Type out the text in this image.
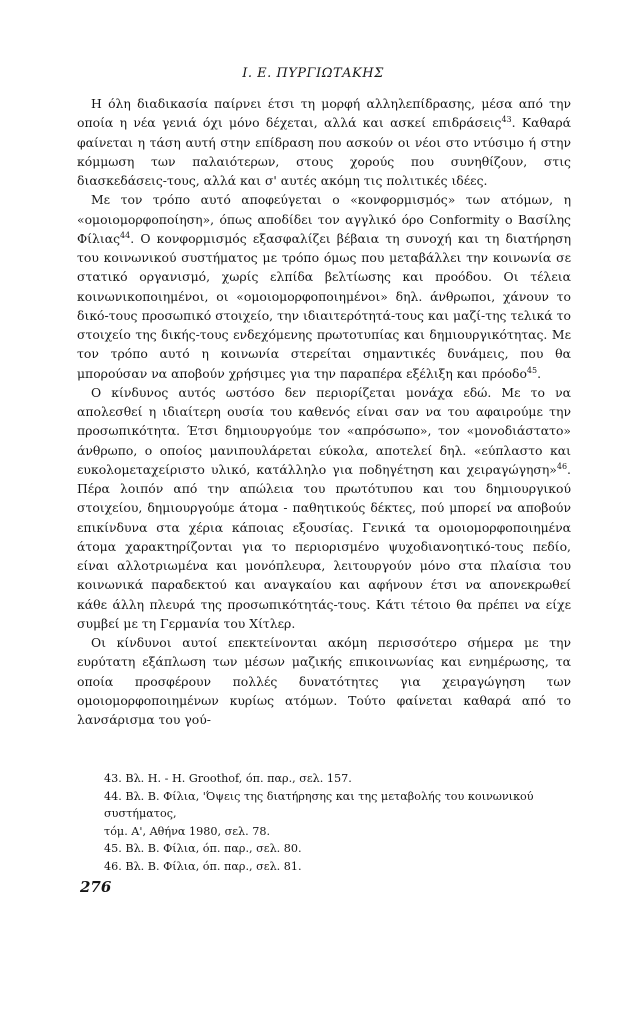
Ι. Ε. ΠΥΡΓΙΩΤΑΚΗΣ

Η όλη διαδικασία παίρνει έτσι τη μορφή αλληλεπίδρασης, μέσα από την οποία η νέα γενιά όχι μόνο δέχεται, αλλά και ασκεί επιδράσεις$^{43}$. Καθαρά φαίνεται η τάση αυτή στην επίδραση που ασκούν οι νέοι στο ντύσιμο ή στην κόμμωση των παλαιότερων, στους χορούς που συνηθίζουν, στις διασκεδάσεις-τους, αλλά και σ' αυτές ακόμη τις πολιτικές ιδέες.

Με τον τρόπο αυτό αποφεύγεται ο «κονφορμισμός» των ατόμων, η «ομοιομορφοποίηση», όπως αποδίδει τον αγγλικό όρο Conformity ο Βασίλης Φίλιας$^{44}$. Ο κονφορμισμός εξασφαλίζει βέβαια τη συνοχή και τη διατήρηση του κοινωνικού συστήματος με τρόπο όμως που μεταβάλλει την κοινωνία σε στατικό οργανισμό, χωρίς ελπίδα βελτίωσης και προόδου. Οι τέλεια κοινωνικοποιημένοι, οι «ομοιομορφοποιημένοι» δηλ. άνθρωποι, χάνουν το δικό-τους προσωπικό στοιχείο, την ιδιαιτερότητά-τους και μαζί-της τελικά το στοιχείο της δικής-τους ενδεχόμενης πρωτοτυπίας και δημιουργικότητας. Με τον τρόπο αυτό η κοινωνία στερείται σημαντικές δυνάμεις, που θα μπορούσαν να αποβούν χρήσιμες για την παραπέρα εξέλιξη και πρόοδο$^{45}$.

Ο κίνδυνος αυτός ωστόσο δεν περιορίζεται μονάχα εδώ. Με το να απολεσθεί η ιδιαίτερη ουσία του καθενός είναι σαν να του αφαιρούμε την προσωπικότητα. Έτσι δημιουργούμε τον «απρόσωπο», τον «μονοδιάστατο» άνθρωπο, ο οποίος μανιπουλάρεται εύκολα, αποτελεί δηλ. «εύπλαστο και ευκολομεταχείριστο υλικό, κατάλληλο για ποδηγέτηση και χειραγώγηση»$^{46}$. Πέρα λοιπόν από την απώλεια του πρωτότυπου και του δημιουργικού στοιχείου, δημιουργούμε άτομα - παθητικούς δέκτες, πού μπορεί να αποβούν επικίνδυνα στα χέρια κάποιας εξουσίας. Γενικά τα ομοιομορφοποιημένα άτομα χαρακτηρίζονται για το περιορισμένο ψυχοδιανοητικό-τους πεδίο, είναι αλλοτριωμένα και μονόπλευρα, λειτουργούν μόνο στα πλαίσια του κοινωνικά παραδεκτού και αναγκαίου και αφήνουν έτσι να απονεκρωθεί κάθε άλλη πλευρά της προσωπικότητάς-τους. Κάτι τέτοιο θα πρέπει να είχε συμβεί με τη Γερμανία του Χίτλερ.

Οι κίνδυνοι αυτοί επεκτείνονται ακόμη περισσότερο σήμερα με την ευρύτατη εξάπλωση των μέσων μαζικής επικοινωνίας και ενημέρωσης, τα οποία προσφέρουν πολλές δυνατότητες για χειραγώγηση των ομοιομορφοποιημένων κυρίως ατόμων. Τούτο φαίνεται καθαρά από το λανσάρισμα του γού-

43. Βλ. Η. - Η. Groothof, όπ. παρ., σελ. 157.

44. Βλ. Β. Φίλια, 'Όψεις της διατήρησης και της μεταβολής του κοινωνικού συστήματος,

τόμ. Α', Αθήνα 1980, σελ. 78.

45. Βλ. Β. Φίλια, όπ. παρ., σελ. 80.

46. Βλ. Β. Φίλια, όπ. παρ., σελ. 81.

276
